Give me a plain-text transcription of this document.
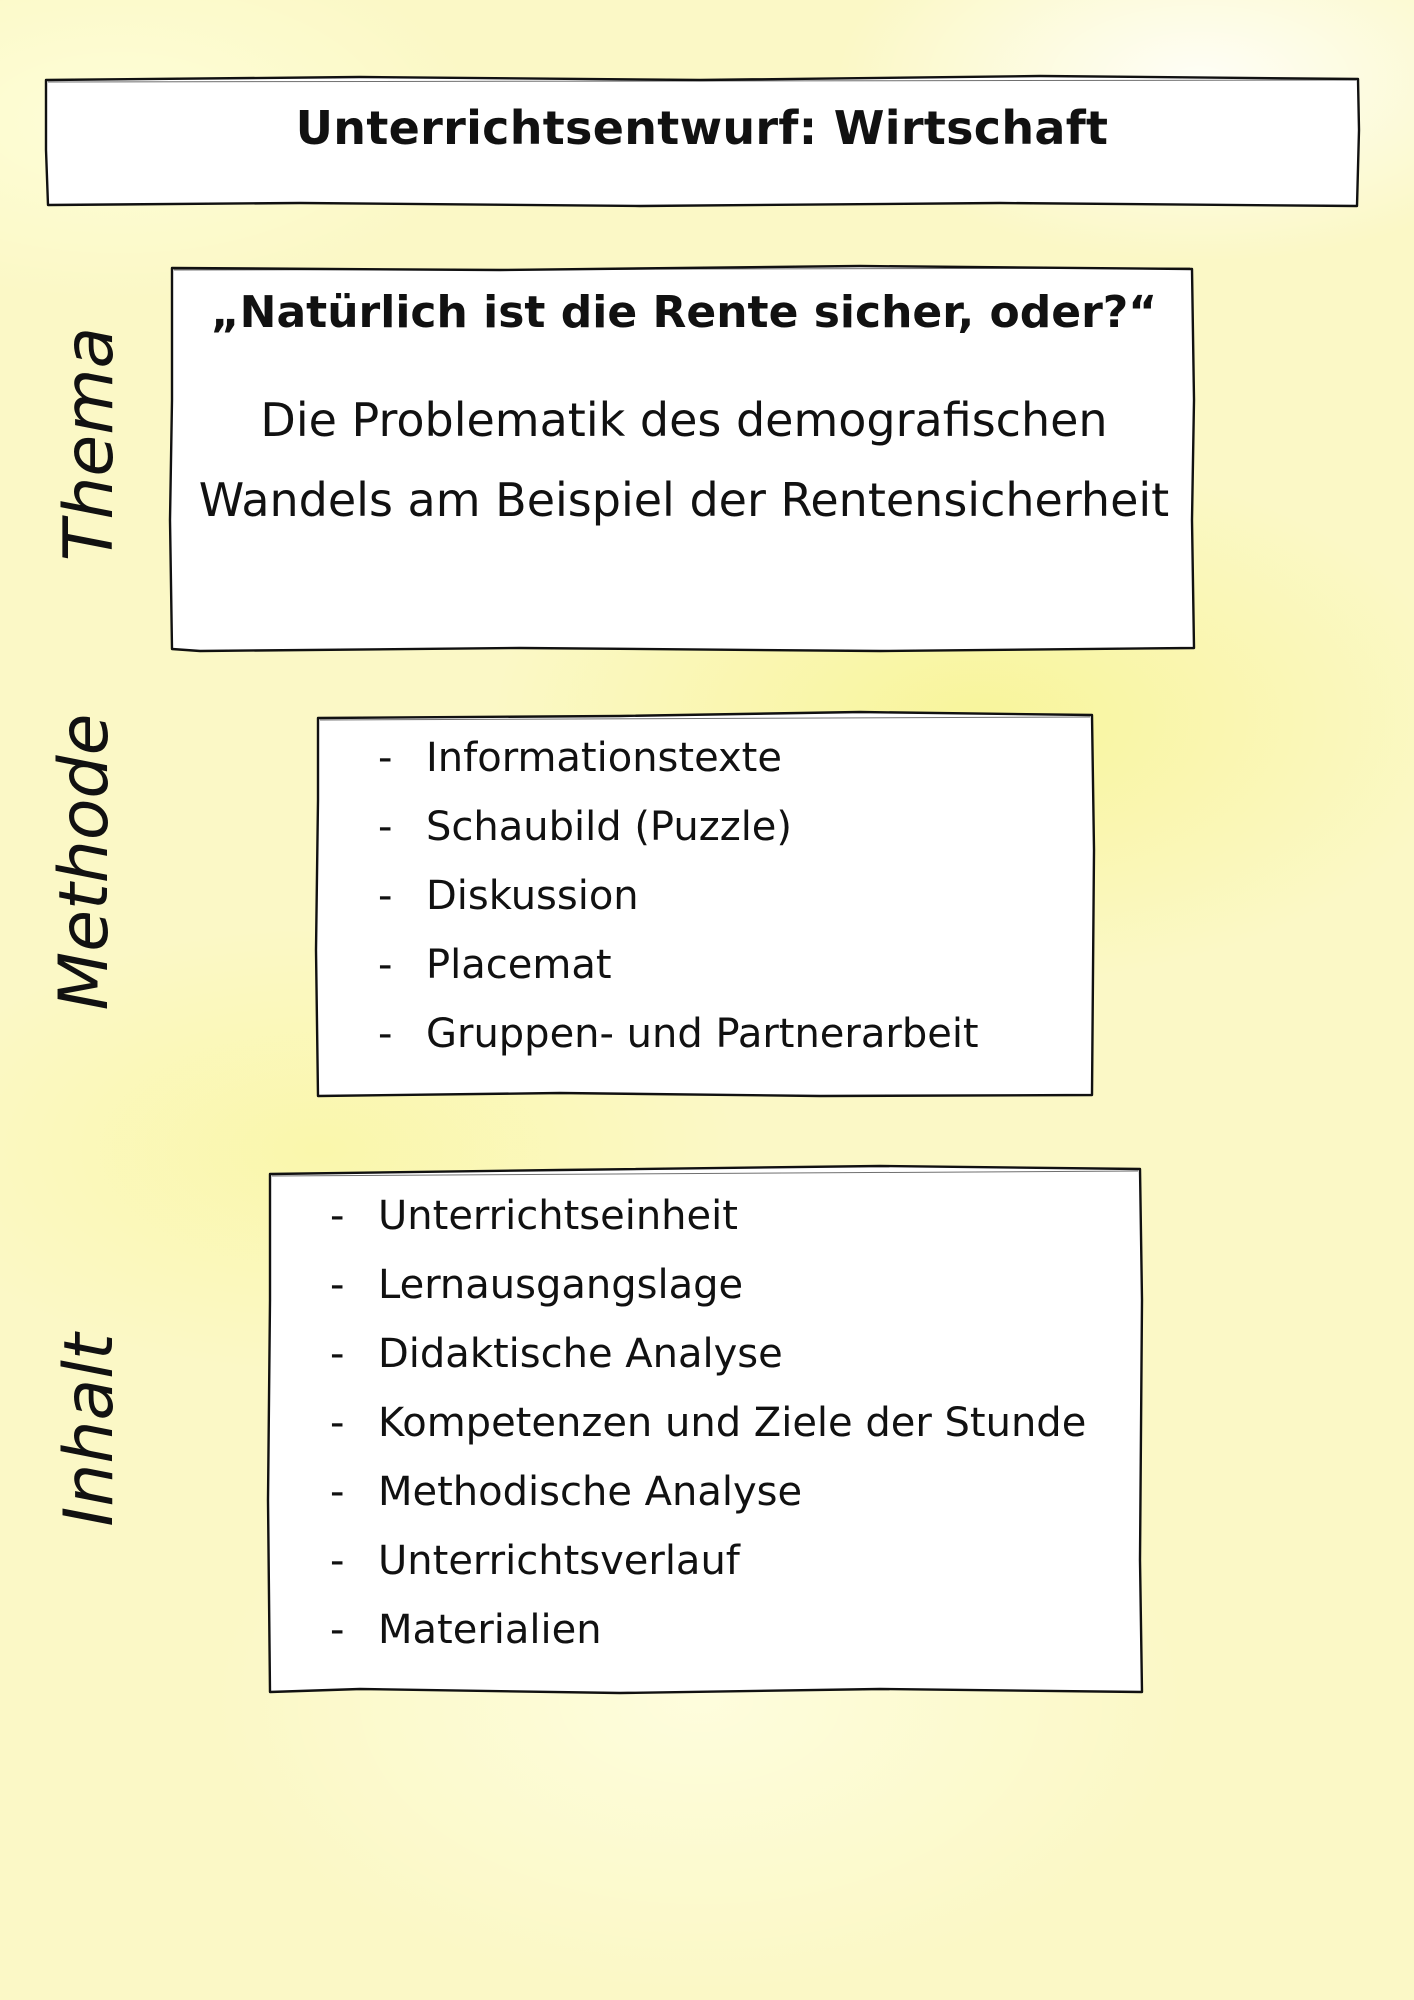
Unterrichtsentwurf: Wirtschaft
Thema
„Natürlich ist die Rente sicher, oder?“
Die Problematik des demografischen Wandels am Beispiel der Rentensicherheit
Methode	- Informationstexte
- Schaubild (Puzzle)
- Diskussion
- Placemat
- Gruppen- und Partnerarbeit
Inhalt
- Unterrichtseinheit
- Lernausgangslage
- Didaktische Analyse
- Kompetenzen und Ziele der Stunde
- Methodische Analyse
- Unterrichtsverlauf
- Materialien
